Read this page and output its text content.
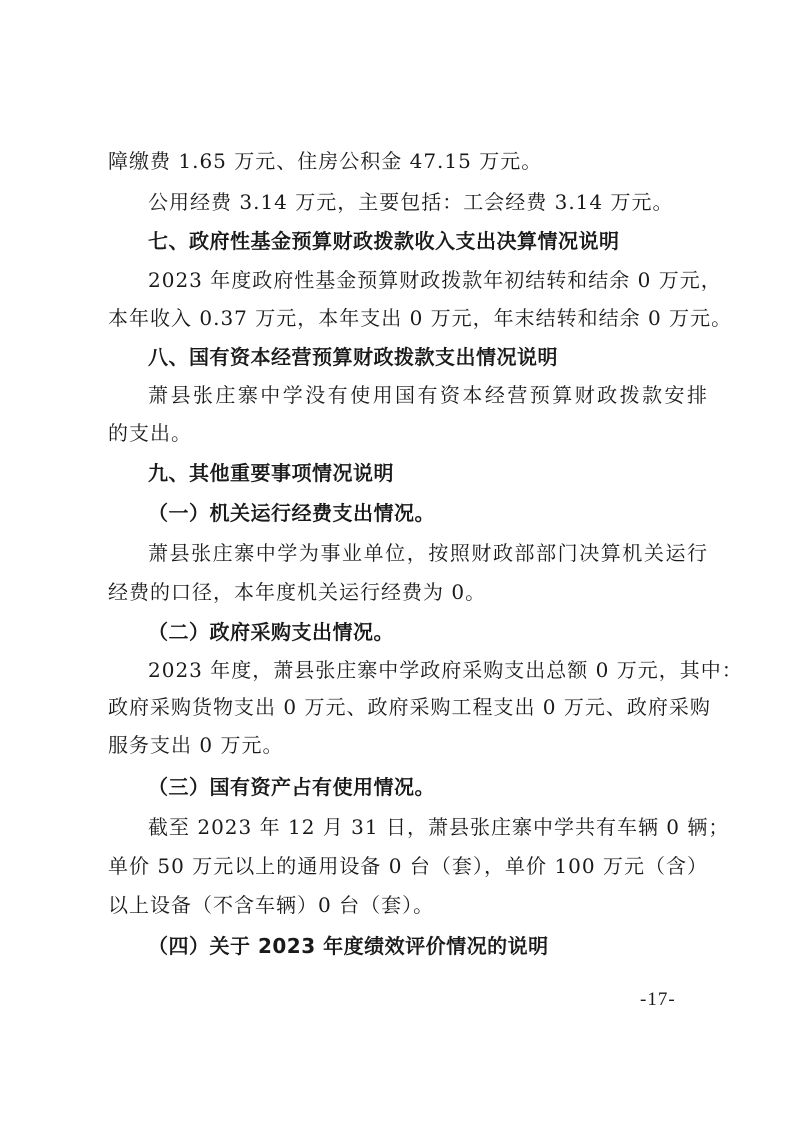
障缴费 1.65 万元、住房公积金 47.15 万元。
公用经费 3.14 万元，主要包括：工会经费 3.14 万元。
七、政府性基金预算财政拨款收入支出决算情况说明
2023 年度政府性基金预算财政拨款年初结转和结余 0 万元，
本年收入 0.37 万元，本年支出 0 万元，年末结转和结余 0 万元。
八、国有资本经营预算财政拨款支出情况说明
萧县张庄寨中学没有使用国有资本经营预算财政拨款安排
的支出。
九、其他重要事项情况说明
（一）机关运行经费支出情况。
萧县张庄寨中学为事业单位，按照财政部部门决算机关运行
经费的口径，本年度机关运行经费为 0。
（二）政府采购支出情况。
2023 年度，萧县张庄寨中学政府采购支出总额 0 万元，其中：
政府采购货物支出 0 万元、政府采购工程支出 0 万元、政府采购
服务支出 0 万元。
（三）国有资产占有使用情况。
截至 2023 年 12 月 31 日，萧县张庄寨中学共有车辆 0 辆；
单价 50 万元以上的通用设备 0 台（套），单价 100 万元（含）
以上设备（不含车辆）0 台（套）。
（四）关于 2023 年度绩效评价情况的说明
-17-
